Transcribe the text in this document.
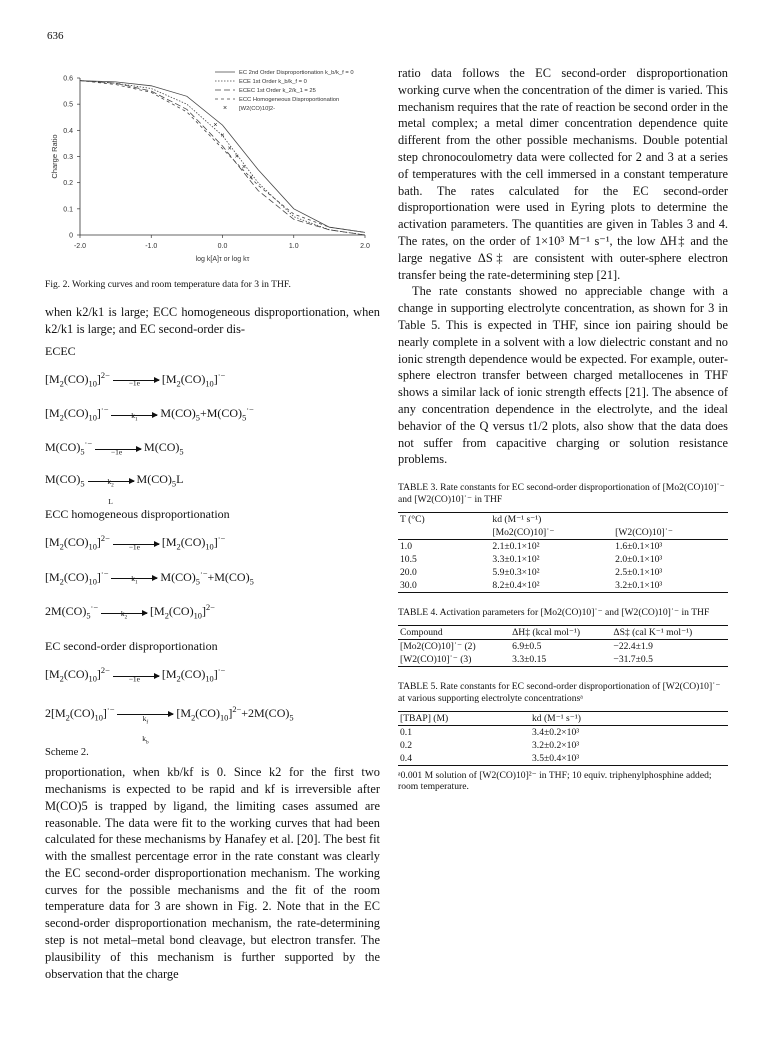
636
-2.0	-1.0	0.0	1.0	2.0
0
0.1
0.2
0.3
0.4
0.5
0.6
log k[A]τ or log kτ
Charge Ratio
×
×
×
×
×
×
EC 2nd Order Disproportionation k_b/k_f = 0
ECE 1st Order k_b/k_f = 0
ECEC 1st Order k_2/k_1 = 25
ECC Homogeneous Disproportionation
× [W2(CO)10]2-

Fig. 2. Working curves and room temperature data for 3 in THF.

when k2/k1 is large; ECC homogeneous disproportionation, when k2/k1 is large; and EC second-order dis-

ECEC
$[M_2(CO)_{10}]^{2-}$
−1e−	$[M_2(CO)_{10}]^{\cdot-}$
$[M_2(CO)_{10}]^{\cdot-}$
$k_1$	$M(CO)_5+M(CO)_5^{\cdot-}$
$M(CO)_5^{\cdot-}$
−1e−	$M(CO)_5$
$M(CO)_5$	$k_2$
L
$M(CO)_5L$
ECC homogeneous disproportionation
$[M_2(CO)_{10}]^{2-}$
−1e−	$[M_2(CO)_{10}]^{\cdot-}$
$[M_2(CO)_{10}]^{\cdot-}$
$k_1$	$M(CO)_5^{\cdot-}+M(CO)_5$
$2M(CO)_5^{\cdot-}$
$k_2$	$[M_2(CO)_{10}]^{2-}$
EC second-order disproportionation
$[M_2(CO)_{10}]^{2-}$
−1e−	$[M_2(CO)_{10}]^{\cdot-}$
$2[M_2(CO)_{10}]^{\cdot-}$
$k_f$
$k_b$
$[M_2(CO)_{10}]^{2-}+2M(CO)_5$
Scheme 2.

proportionation, when kb/kf is 0. Since k2 for the first two mechanisms is expected to be rapid and kf is irreversible after M(CO)5 is trapped by ligand, the limiting cases assumed are reasonable. The data were fit to the working curves that had been calculated for these mechanisms by Hanafey et al. [20]. The best fit with the smallest percentage error in the rate constant was clearly the EC second-order disproportionation mechanism. The working curves for the possible mechanisms and the fit of the room temperature data for 3 are shown in Fig. 2. Note that in the EC second-order disproportionation mechanism, the rate-determining step is not metal–metal bond cleavage, but electron transfer. The plausibility of this mechanism is further supported by the observation that the charge

ratio data follows the EC second-order disproportionation working curve when the concentration of the dimer is varied. This mechanism requires that the rate of reaction be second order in the metal complex; a metal dimer concentration dependence quite different from the other possible mechanisms. Double potential step chronocoulometry data were collected for 2 and 3 at a series of temperatures with the cell immersed in a constant temperature bath. The rates calculated for the EC second-order disproportionation were used in Eyring plots to determine the activation parameters. The quantities are given in Tables 3 and 4. The rates, on the order of 1×10³ M⁻¹ s⁻¹, the low ΔH‡ and the large negative ΔS‡ are consistent with outer-sphere electron transfer being the rate-determining step [21].

The rate constants showed no appreciable change with a change in supporting electrolyte concentration, as shown for 3 in Table 5. This is expected in THF, since ion pairing should be nearly complete in a solvent with a low dielectric constant and no ionic strength dependence would be expected. For example, outer-sphere electron transfer between charged metallocenes in THF shows a similar lack of ionic strength effects [21]. The absence of any concentration dependence in the electrolyte, and the ideal behavior of the Q versus t1/2 plots, also show that the data does not suffer from capacitive charging or solution resistance problems.

TABLE 3. Rate constants for EC second-order disproportionation of [Mo2(CO)10]˙⁻ and [W2(CO)10]˙⁻ in THF

T (°C)	kd (M⁻¹ s⁻¹)	
	[Mo2(CO)10]˙⁻	[W2(CO)10]˙⁻
1.0	2.1±0.1×10²	1.6±0.1×10³
10.5	3.3±0.1×10²	2.0±0.1×10³
20.0	5.9±0.3×10²	2.5±0.1×10³
30.0	8.2±0.4×10²	3.2±0.1×10³

TABLE 4. Activation parameters for [Mo2(CO)10]˙⁻ and [W2(CO)10]˙⁻ in THF

Compound	ΔH‡ (kcal mol⁻¹)	ΔS‡ (cal K⁻¹ mol⁻¹)
[Mo2(CO)10]˙⁻ (2)	6.9±0.5	−22.4±1.9
[W2(CO)10]˙⁻ (3)	3.3±0.15	−31.7±0.5

TABLE 5. Rate constants for EC second-order disproportionation of [W2(CO)10]˙⁻ at various supporting electrolyte concentrationsᵃ

[TBAP] (M)	kd (M⁻¹ s⁻¹)
0.1	3.4±0.2×10³
0.2	3.2±0.2×10³
0.4	3.5±0.4×10³

ᵃ0.001 M solution of [W2(CO)10]²⁻ in THF; 10 equiv. triphenylphosphine added; room temperature.
